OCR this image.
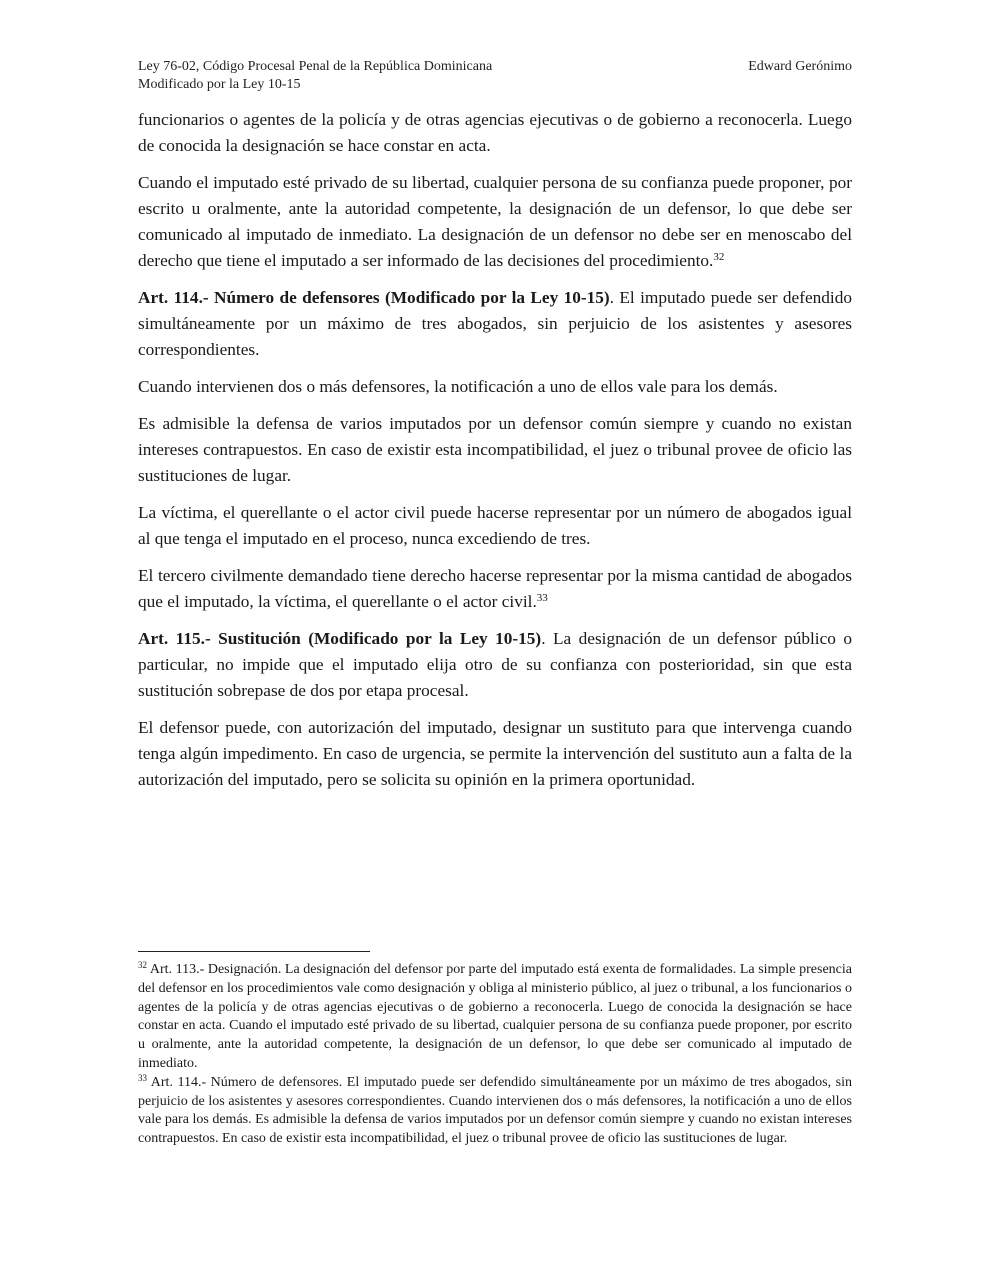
Ley 76-02, Código Procesal Penal de la República Dominicana
Modificado por la Ley 10-15
Edward Gerónimo

funcionarios o agentes de la policía y de otras agencias ejecutivas o de gobierno a reconocerla. Luego de conocida la designación se hace constar en acta.

Cuando el imputado esté privado de su libertad, cualquier persona de su confianza puede proponer, por escrito u oralmente, ante la autoridad competente, la designación de un defensor, lo que debe ser comunicado al imputado de inmediato. La designación de un defensor no debe ser en menoscabo del derecho que tiene el imputado a ser informado de las decisiones del procedimiento.$^{32}$

Art. 114.- Número de defensores (Modificado por la Ley 10-15). El imputado puede ser defendido simultáneamente por un máximo de tres abogados, sin perjuicio de los asistentes y asesores correspondientes.

Cuando intervienen dos o más defensores, la notificación a uno de ellos vale para los demás.

Es admisible la defensa de varios imputados por un defensor común siempre y cuando no existan intereses contrapuestos. En caso de existir esta incompatibilidad, el juez o tribunal provee de oficio las sustituciones de lugar.

La víctima, el querellante o el actor civil puede hacerse representar por un número de abogados igual al que tenga el imputado en el proceso, nunca excediendo de tres.

El tercero civilmente demandado tiene derecho hacerse representar por la misma cantidad de abogados que el imputado, la víctima, el querellante o el actor civil.$^{33}$

Art. 115.- Sustitución (Modificado por la Ley 10-15). La designación de un defensor público o particular, no impide que el imputado elija otro de su confianza con posterioridad, sin que esta sustitución sobrepase de dos por etapa procesal.

El defensor puede, con autorización del imputado, designar un sustituto para que intervenga cuando tenga algún impedimento. En caso de urgencia, se permite la intervención del sustituto aun a falta de la autorización del imputado, pero se solicita su opinión en la primera oportunidad.

$^{32}$ Art. 113.- Designación. La designación del defensor por parte del imputado está exenta de formalidades. La simple presencia del defensor en los procedimientos vale como designación y obliga al ministerio público, al juez o tribunal, a los funcionarios o agentes de la policía y de otras agencias ejecutivas o de gobierno a reconocerla. Luego de conocida la designación se hace constar en acta. Cuando el imputado esté privado de su libertad, cualquier persona de su confianza puede proponer, por escrito u oralmente, ante la autoridad competente, la designación de un defensor, lo que debe ser comunicado al imputado de inmediato.

$^{33}$ Art. 114.- Número de defensores. El imputado puede ser defendido simultáneamente por un máximo de tres abogados, sin perjuicio de los asistentes y asesores correspondientes. Cuando intervienen dos o más defensores, la notificación a uno de ellos vale para los demás. Es admisible la defensa de varios imputados por un defensor común siempre y cuando no existan intereses contrapuestos. En caso de existir esta incompatibilidad, el juez o tribunal provee de oficio las sustituciones de lugar.
